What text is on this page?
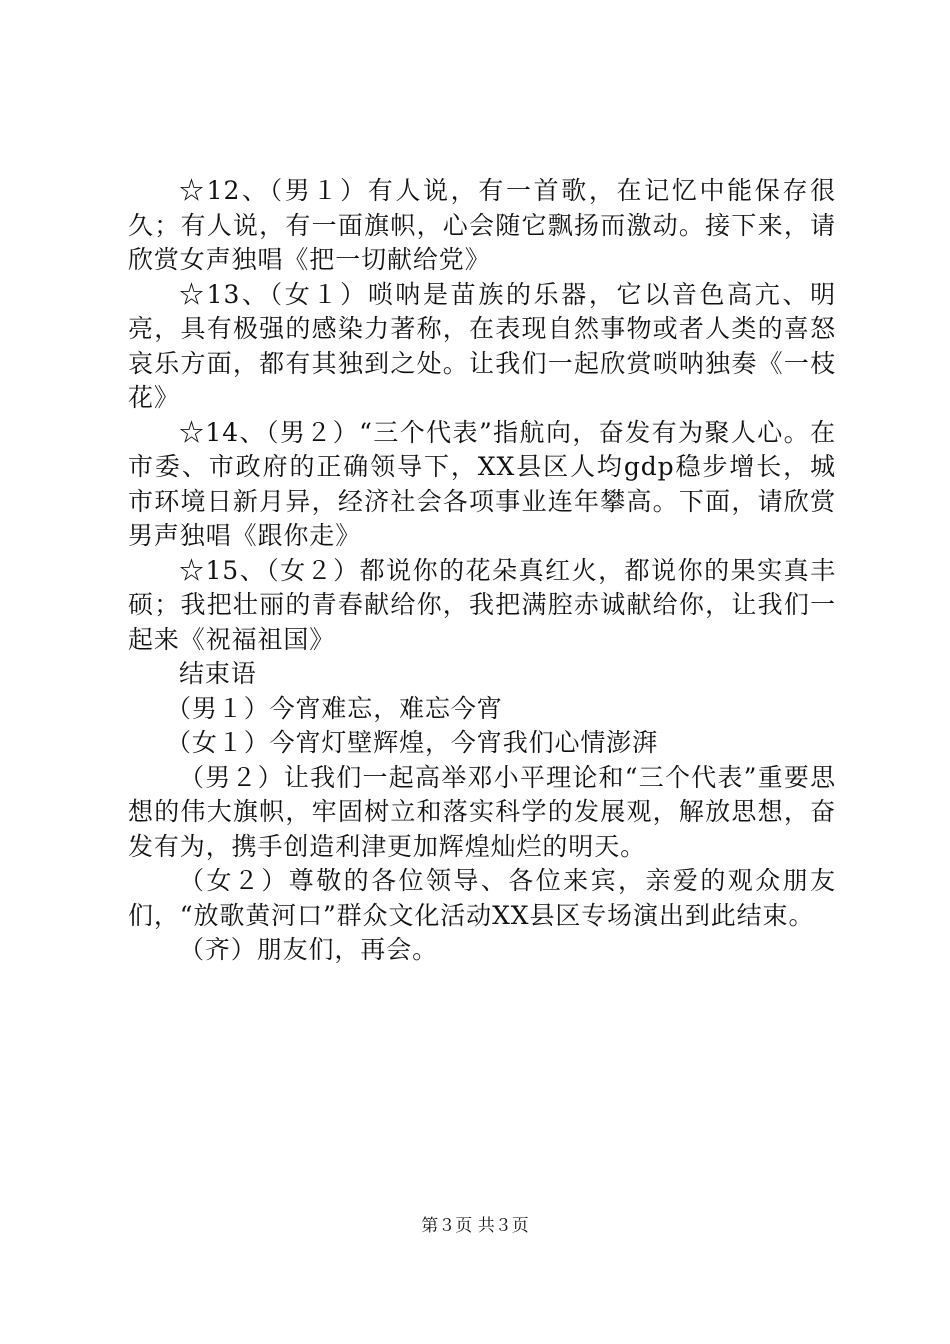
☆12、（男１）有人说，有一首歌，在记忆中能保存很久；有人说，有一面旗帜，心会随它飘扬而激动。接下来，请欣赏女声独唱《把一切献给党》

☆13、（女１）唢呐是苗族的乐器，它以音色高亢、明亮，具有极强的感染力著称，在表现自然事物或者人类的喜怒哀乐方面，都有其独到之处。让我们一起欣赏唢呐独奏《一枝花》

☆14、（男２）“三个代表”指航向，奋发有为聚人心。在市委、市政府的正确领导下，XX县区人均gdp稳步增长，城市环境日新月异，经济社会各项事业连年攀高。下面，请欣赏男声独唱《跟你走》

☆15、（女２）都说你的花朵真红火，都说你的果实真丰硕；我把壮丽的青春献给你，我把满腔赤诚献给你，让我们一起来《祝福祖国》

结束语

（男１）今宵难忘，难忘今宵

（女１）今宵灯壁辉煌，今宵我们心情澎湃

（男２）让我们一起高举邓小平理论和“三个代表”重要思想的伟大旗帜，牢固树立和落实科学的发展观，解放思想，奋发有为，携手创造利津更加辉煌灿烂的明天。

（女２）尊敬的各位领导、各位来宾，亲爱的观众朋友们，“放歌黄河口”群众文化活动XX县区专场演出到此结束。

（齐）朋友们，再会。

第３页 共３页
